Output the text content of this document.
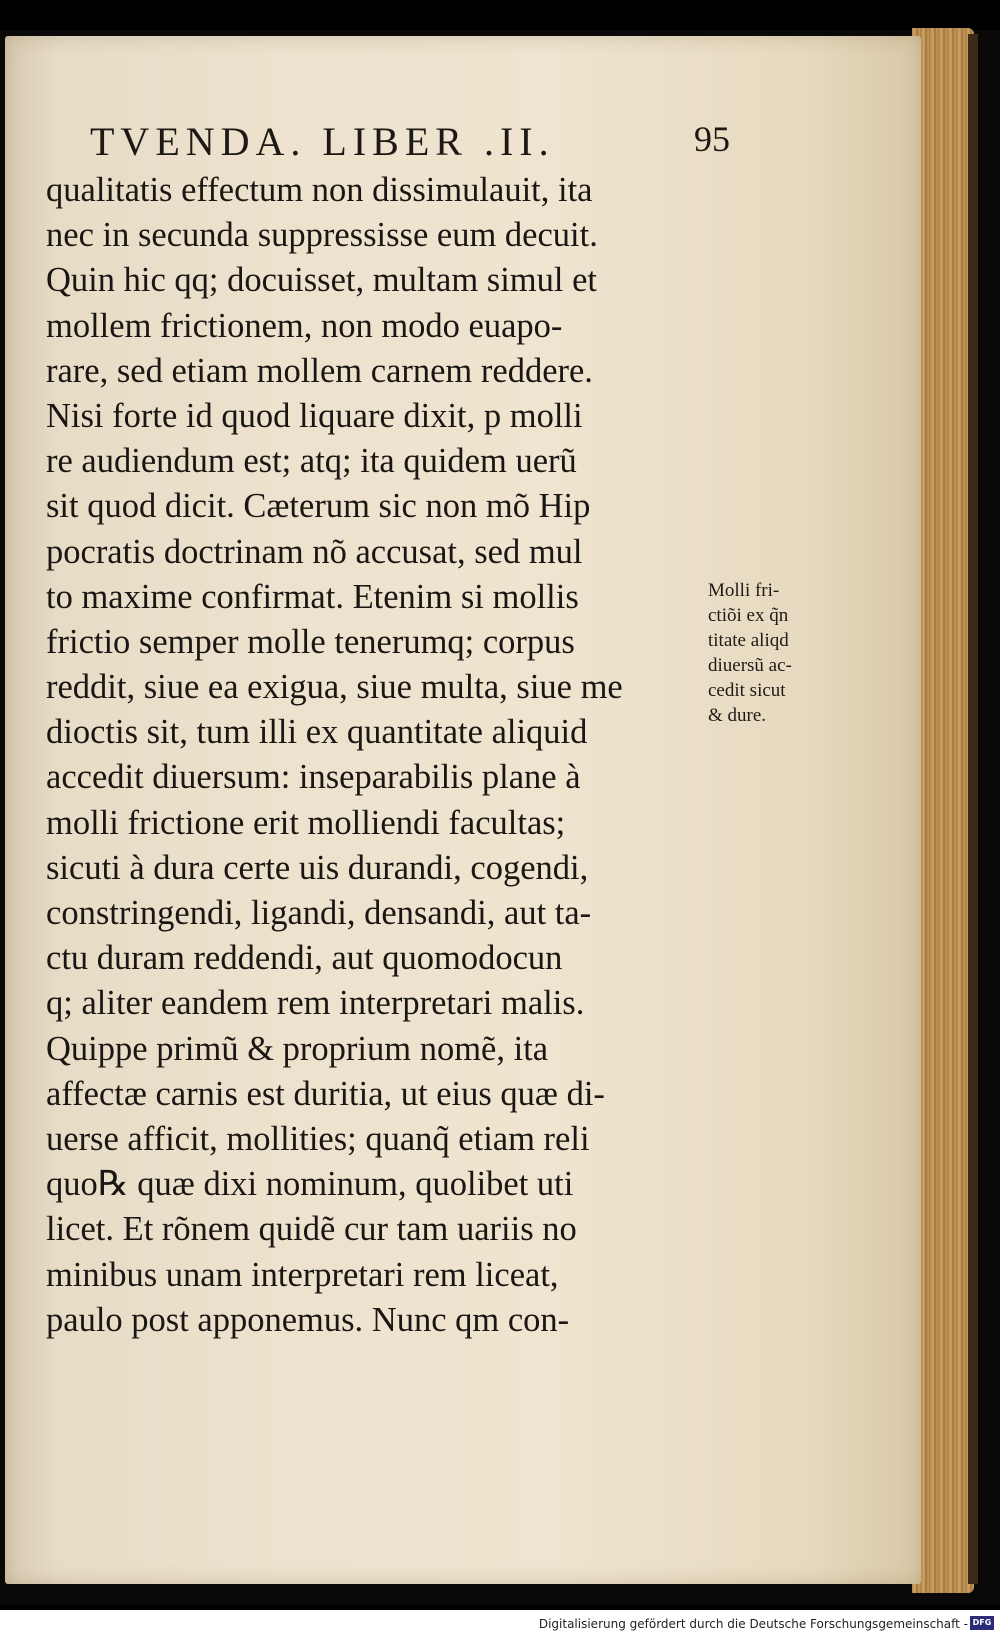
TVENDA. LIBER .II.	95
qualitatis effectum non dissimulauit, ita
nec in secunda suppressisse eum decuit.
Quin hic qq; docuisset, multam simul et
mollem frictionem, non modo euapo-
rare, sed etiam mollem carnem reddere.
Nisi forte id quod liquare dixit, p molli
re audiendum est; atq; ita quidem uerũ
sit quod dicit. Cæterum sic non mõ Hip
pocratis doctrinam nõ accusat, sed mul
to maxime confirmat. Etenim si mollis
frictio semper molle tenerumq; corpus
reddit, siue ea exigua, siue multa, siue me
dioctis sit, tum illi ex quantitate aliquid
accedit diuersum: inseparabilis plane à
molli frictione erit molliendi facultas;
sicuti à dura certe uis durandi, cogendi,
constringendi, ligandi, densandi, aut ta-
ctu duram reddendi, aut quomodocun
q; aliter eandem rem interpretari malis.
Quippe primũ & proprium nomẽ, ita
affectæ carnis est duritia, ut eius quæ di-
uerse afficit, mollities; quanq̃ etiam reli
quo℞ quæ dixi nominum, quolibet uti
licet. Et rõnem quidẽ cur tam uariis no
minibus unam interpretari rem liceat,
paulo post apponemus. Nunc qm con-
Molli fri-
ctiõi ex q̃n
titate aliqd
diuersũ ac-
cedit sicut
& dure.
Digitalisierung gefördert durch die Deutsche Forschungsgemeinschaft - DFG
